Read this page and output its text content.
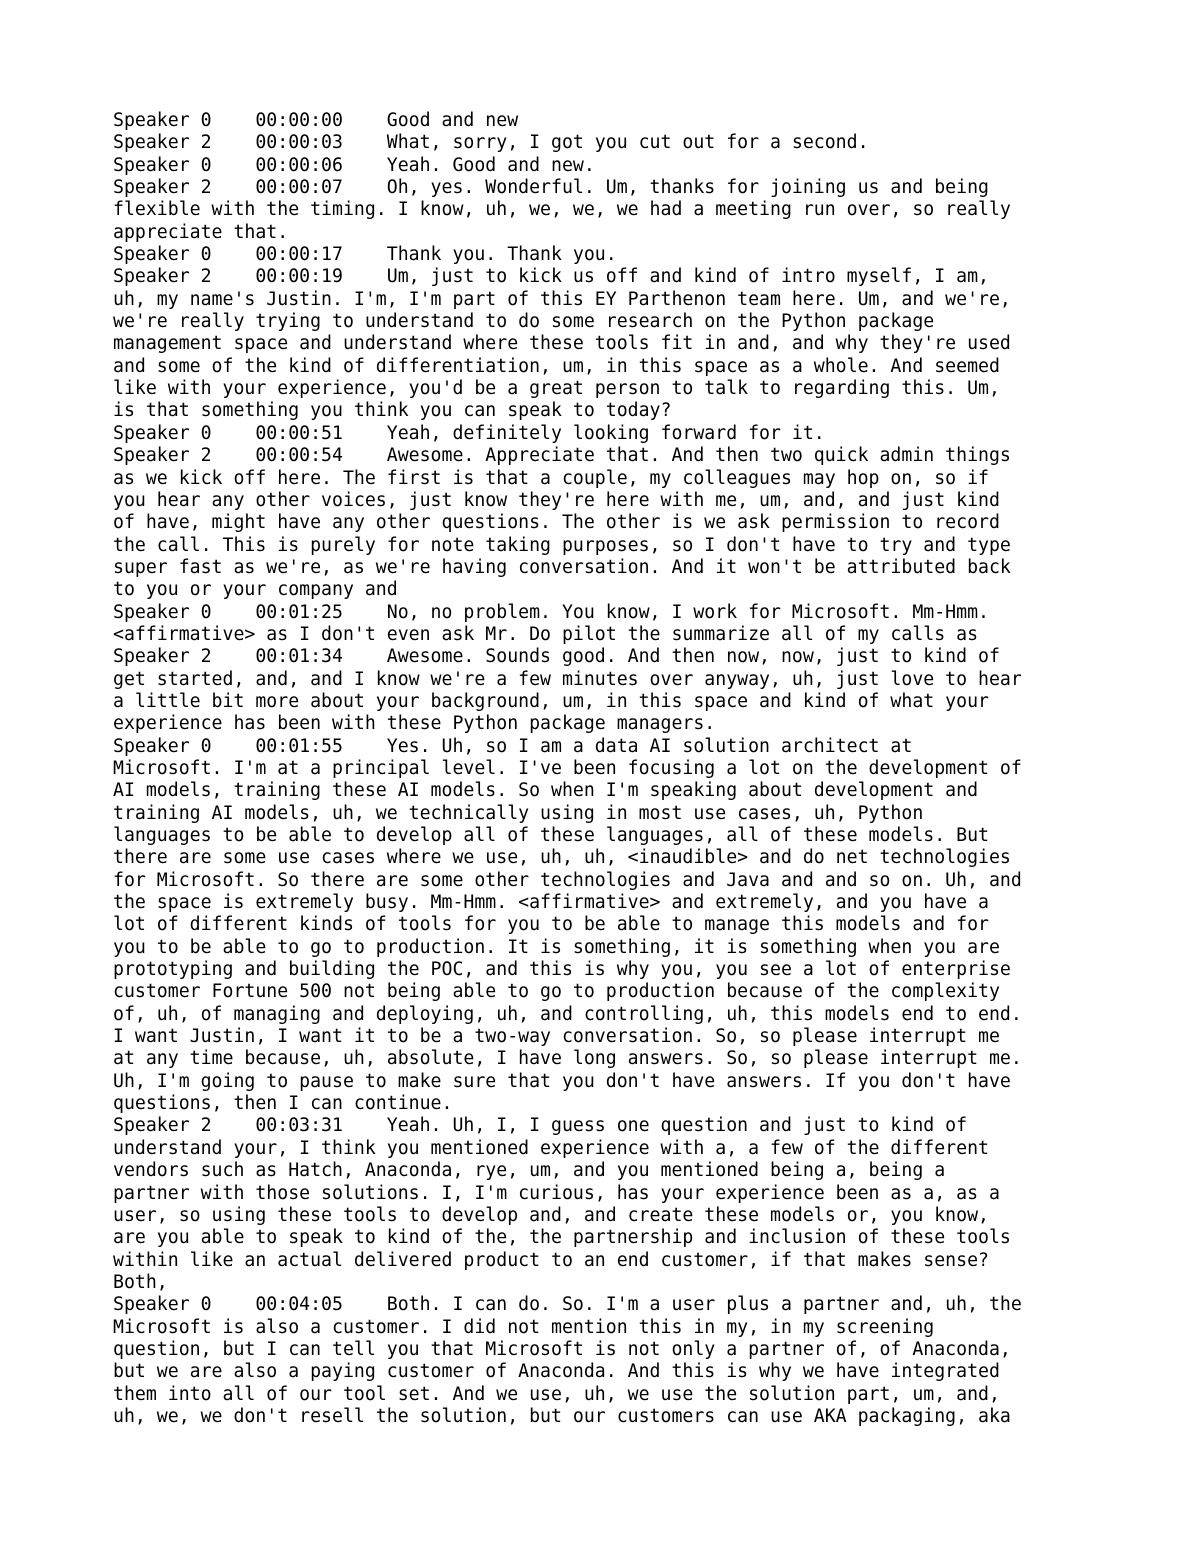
Speaker 0    00:00:00    Good and new
Speaker 2    00:00:03    What, sorry, I got you cut out for a second.
Speaker 0    00:00:06    Yeah. Good and new.
Speaker 2    00:00:07    Oh, yes. Wonderful. Um, thanks for joining us and being
flexible with the timing. I know, uh, we, we, we had a meeting run over, so really
appreciate that.
Speaker 0    00:00:17    Thank you. Thank you.
Speaker 2    00:00:19    Um, just to kick us off and kind of intro myself, I am,
uh, my name's Justin. I'm, I'm part of this EY Parthenon team here. Um, and we're,
we're really trying to understand to do some research on the Python package
management space and understand where these tools fit in and, and why they're used
and some of the kind of differentiation, um, in this space as a whole. And seemed
like with your experience, you'd be a great person to talk to regarding this. Um,
is that something you think you can speak to today?
Speaker 0    00:00:51    Yeah, definitely looking forward for it.
Speaker 2    00:00:54    Awesome. Appreciate that. And then two quick admin things
as we kick off here. The first is that a couple, my colleagues may hop on, so if
you hear any other voices, just know they're here with me, um, and, and just kind
of have, might have any other questions. The other is we ask permission to record
the call. This is purely for note taking purposes, so I don't have to try and type
super fast as we're, as we're having conversation. And it won't be attributed back
to you or your company and
Speaker 0    00:01:25    No, no problem. You know, I work for Microsoft. Mm-Hmm.
<affirmative> as I don't even ask Mr. Do pilot the summarize all of my calls as
Speaker 2    00:01:34    Awesome. Sounds good. And then now, now, just to kind of
get started, and, and I know we're a few minutes over anyway, uh, just love to hear
a little bit more about your background, um, in this space and kind of what your
experience has been with these Python package managers.
Speaker 0    00:01:55    Yes. Uh, so I am a data AI solution architect at
Microsoft. I'm at a principal level. I've been focusing a lot on the development of
AI models, training these AI models. So when I'm speaking about development and
training AI models, uh, we technically using in most use cases, uh, Python
languages to be able to develop all of these languages, all of these models. But
there are some use cases where we use, uh, uh, <inaudible> and do net technologies
for Microsoft. So there are some other technologies and Java and and so on. Uh, and
the space is extremely busy. Mm-Hmm. <affirmative> and extremely, and you have a
lot of different kinds of tools for you to be able to manage this models and for
you to be able to go to production. It is something, it is something when you are
prototyping and building the POC, and this is why you, you see a lot of enterprise
customer Fortune 500 not being able to go to production because of the complexity
of, uh, of managing and deploying, uh, and controlling, uh, this models end to end.
I want Justin, I want it to be a two-way conversation. So, so please interrupt me
at any time because, uh, absolute, I have long answers. So, so please interrupt me.
Uh, I'm going to pause to make sure that you don't have answers. If you don't have
questions, then I can continue.
Speaker 2    00:03:31    Yeah. Uh, I, I guess one question and just to kind of
understand your, I think you mentioned experience with a, a few of the different
vendors such as Hatch, Anaconda, rye, um, and you mentioned being a, being a
partner with those solutions. I, I'm curious, has your experience been as a, as a
user, so using these tools to develop and, and create these models or, you know,
are you able to speak to kind of the, the partnership and inclusion of these tools
within like an actual delivered product to an end customer, if that makes sense?
Both,
Speaker 0    00:04:05    Both. I can do. So. I'm a user plus a partner and, uh, the
Microsoft is also a customer. I did not mention this in my, in my screening
question, but I can tell you that Microsoft is not only a partner of, of Anaconda,
but we are also a paying customer of Anaconda. And this is why we have integrated
them into all of our tool set. And we use, uh, we use the solution part, um, and,
uh, we, we don't resell the solution, but our customers can use AKA packaging, aka
